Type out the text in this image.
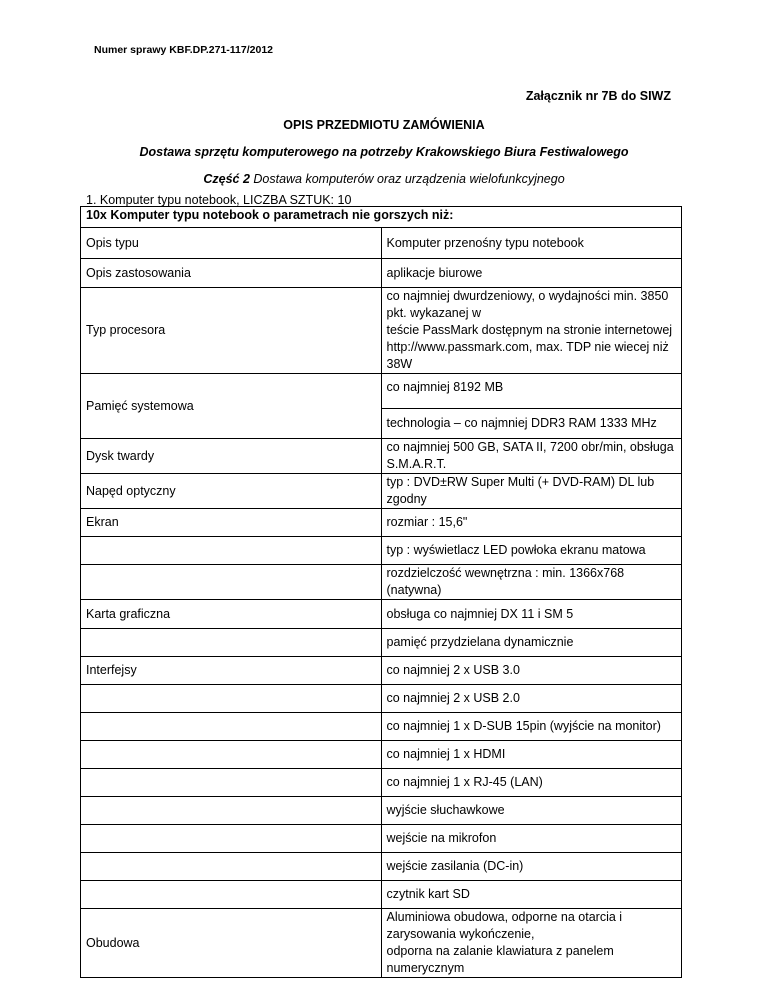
Numer sprawy KBF.DP.271-117/2012
Załącznik nr 7B do SIWZ
OPIS PRZEDMIOTU ZAMÓWIENIA
Dostawa sprzętu komputerowego na potrzeby Krakowskiego Biura Festiwalowego
Część 2 Dostawa komputerów oraz urządzenia wielofunkcyjnego
1. Komputer typu notebook, LICZBA SZTUK: 10
10x Komputer typu notebook o parametrach nie gorszych niż:	
Opis typu	Komputer przenośny typu notebook
Opis zastosowania	aplikacje biurowe
Typ procesora	co najmniej dwurdzeniowy, o wydajności min. 3850 pkt. wykazanej w
teście PassMark dostępnym na stronie internetowej
http://www.passmark.com, max. TDP nie wiecej niż 38W

Pamięć systemowa	co najmniej 8192 MB
	technologia – co najmniej DDR3 RAM 1333 MHz
Dysk twardy	co najmniej 500 GB, SATA II, 7200 obr/min, obsługa S.M.A.R.T.
Napęd optyczny	typ : DVD±RW Super Multi (+ DVD-RAM) DL lub zgodny
Ekran	rozmiar : 15,6"
	typ : wyświetlacz LED powłoka ekranu matowa
	rozdzielczość wewnętrzna : min. 1366x768 (natywna)
Karta graficzna	obsługa co najmniej DX 11 i SM 5
	pamięć przydzielana dynamicznie
Interfejsy	co najmniej 2 x USB 3.0
	co najmniej 2 x USB 2.0
	co najmniej 1 x D-SUB 15pin (wyjście na monitor)
	co najmniej 1 x HDMI
	co najmniej 1 x RJ-45 (LAN)
	wyjście słuchawkowe
	wejście na mikrofon
	wejście zasilania (DC-in)
	czytnik kart SD
Obudowa	Aluminiowa obudowa, odporne na otarcia i zarysowania wykończenie,
odporna na zalanie klawiatura z panelem numerycznym
